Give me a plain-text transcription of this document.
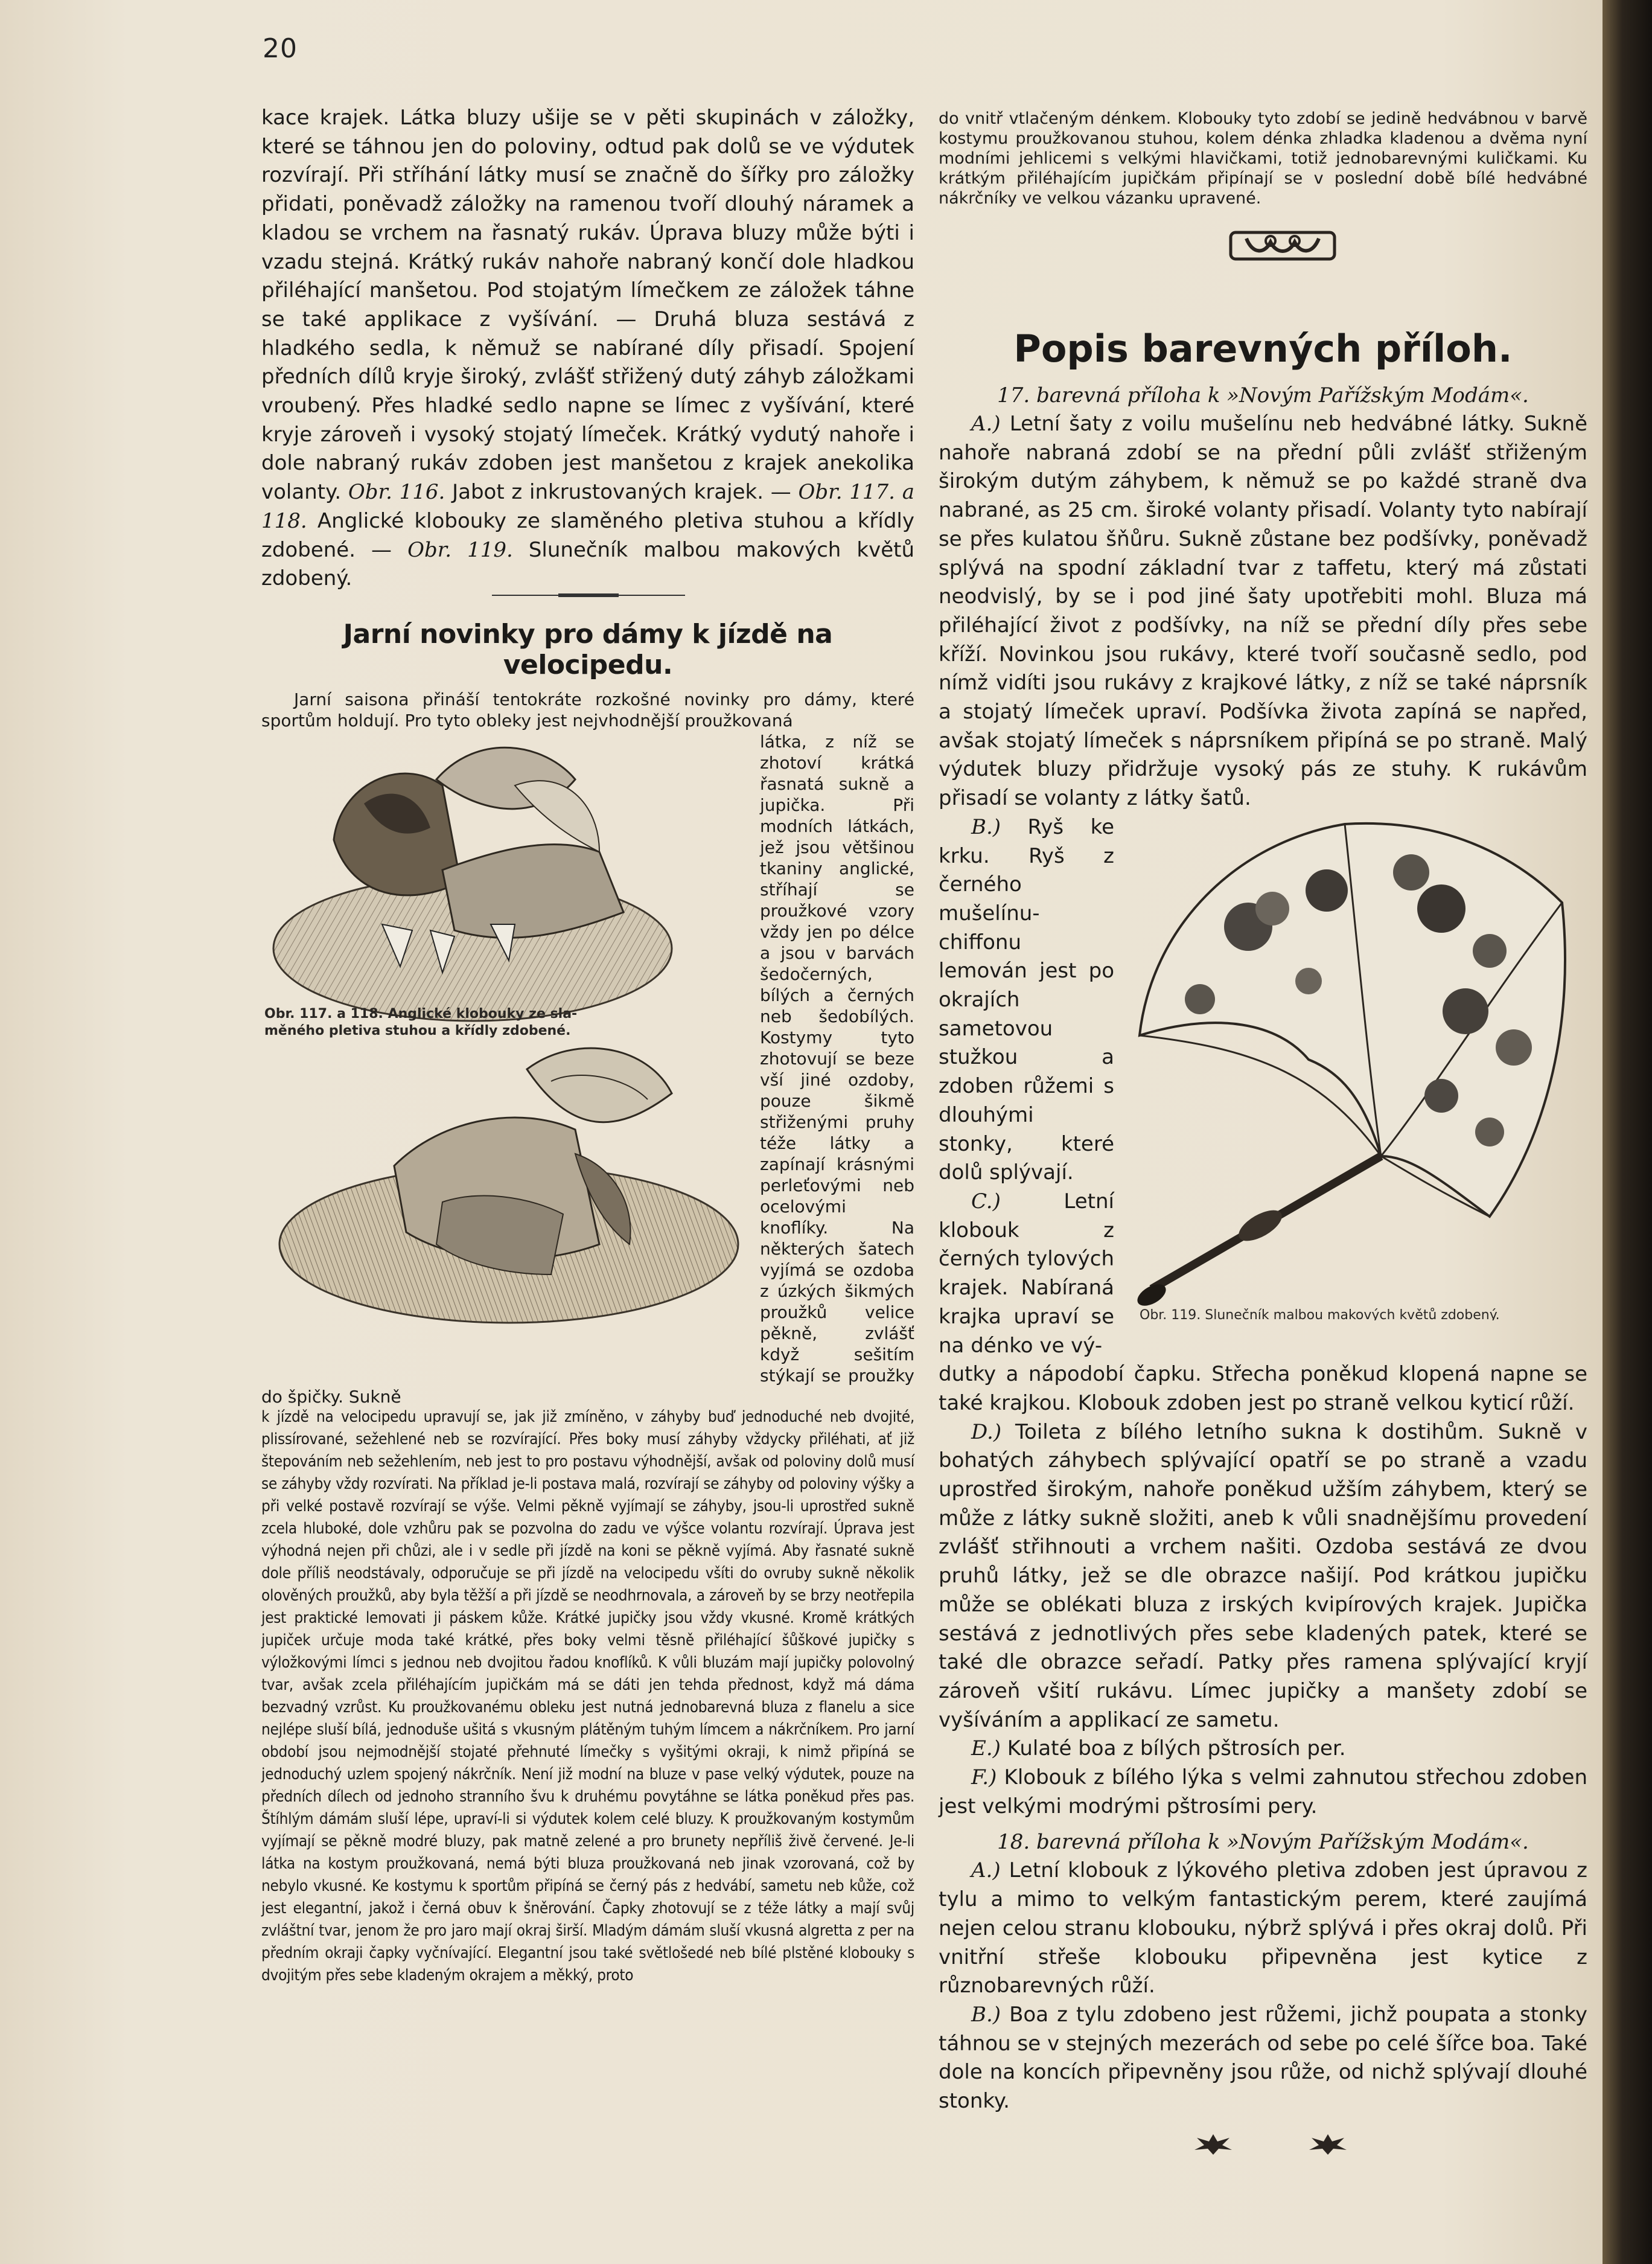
20

kace krajek. Látka bluzy ušije se v pěti skupinách v záložky, které se táhnou jen do poloviny, odtud pak dolů se ve výdutek rozvírají. Při stříhání látky musí se značně do šířky pro záložky přidati, poněvadž záložky na ramenou tvoří dlouhý náramek a kladou se vrchem na řasnatý rukáv. Úprava bluzy může býti i vzadu stejná. Krátký rukáv nahoře nabraný končí dole hladkou přiléhající manšetou. Pod stojatým límečkem ze záložek táhne se také applikace z vyšívání. — Druhá bluza sestává z hladkého sedla, k němuž se nabírané díly přisadí. Spojení předních dílů kryje široký, zvlášť střižený dutý záhyb záložkami vroubený. Přes hladké sedlo napne se límec z vyšívání, které kryje zároveň i vysoký stojatý límeček. Krátký vydutý nahoře i dole nabraný rukáv zdoben jest manšetou z krajek anekolika volanty. Obr. 116. Jabot z inkrustovaných krajek. — Obr. 117. a 118. Anglické klobouky ze slaměného pletiva stuhou a křídly zdobené. — Obr. 119. Slunečník malbou makových květů zdobený.

Jarní novinky pro dámy k jízdě na velocipedu.

Jarní saisona přináší tentokráte rozkošné novinky pro dámy, které sportům holdují. Pro tyto obleky jest nejvhodnější proužkovaná

Obr. 117. a 118. Anglické klobouky ze sla-
měného pletiva stuhou a křídly zdobené.

látka, z níž se zhotoví krátká řasnatá sukně a jupička. Při modních látkách, jež jsou většinou tkaniny anglické, stříhají se proužkové vzory vždy jen po délce a jsou v barvách šedočerných, bílých a černých neb šedobílých. Kostymy tyto zhotovují se beze vší jiné ozdoby, pouze šikmě střiženými pruhy téže látky a zapínají krásnými perleťovými neb ocelovými knoflíky. Na některých šatech vyjímá se ozdoba z úzkých šikmých proužků velice pěkně, zvlášť když sešitím stýkají se proužky do špičky. Sukně

k jízdě na velocipedu upravují se, jak již zmíněno, v záhyby buď jednoduché neb dvojité, plissírované, sežehlené neb se rozvírající. Přes boky musí záhyby vždycky přiléhati, ať již štepováním neb sežehlením, neb jest to pro postavu výhodnější, avšak od poloviny dolů musí se záhyby vždy rozvírati. Na příklad je-li postava malá, rozvírají se záhyby od poloviny výšky a při velké postavě rozvírají se výše. Velmi pěkně vyjímají se záhyby, jsou-li uprostřed sukně zcela hluboké, dole vzhůru pak se pozvolna do zadu ve výšce volantu rozvírají. Úprava jest výhodná nejen při chůzi, ale i v sedle při jízdě na koni se pěkně vyjímá. Aby řasnaté sukně dole příliš neodstávaly, odporučuje se při jízdě na velocipedu všíti do ovruby sukně několik olověných proužků, aby byla těžší a při jízdě se neodhrnovala, a zároveň by se brzy neotřepila jest praktické lemovati ji páskem kůže. Krátké jupičky jsou vždy vkusné. Kromě krátkých jupiček určuje moda také krátké, přes boky velmi těsně přiléhající šůškové jupičky s výložkovými límci s jednou neb dvojitou řadou knoflíků. K vůli bluzám mají jupičky polovolný tvar, avšak zcela přiléhajícím jupičkám má se dáti jen tehda přednost, když má dáma bezvadný vzrůst. Ku proužkovanému obleku jest nutná jednobarevná bluza z flanelu a sice nejlépe sluší bílá, jednoduše ušitá s vkusným plátěným tuhým límcem a nákrčníkem. Pro jarní období jsou nejmodnější stojaté přehnuté límečky s vyšitými okraji, k nimž připíná se jednoduchý uzlem spojený nákrčník. Není již modní na bluze v pase velký výdutek, pouze na předních dílech od jednoho stranního švu k druhému povytáhne se látka poněkud přes pas. Štíhlým dámám sluší lépe, upraví-li si výdutek kolem celé bluzy. K proužkovaným kostymům vyjímají se pěkně modré bluzy, pak matně zelené a pro brunety nepříliš živě červené. Je-li látka na kostym proužkovaná, nemá býti bluza proužkovaná neb jinak vzorovaná, což by nebylo vkusné. Ke kostymu k sportům připíná se černý pás z hedvábí, sametu neb kůže, což jest elegantní, jakož i černá obuv k šněrování. Čapky zhotovují se z téže látky a mají svůj zvláštní tvar, jenom že pro jaro mají okraj širší. Mladým dámám sluší vkusná algretta z per na předním okraji čapky vyčnívající. Elegantní jsou také světlošedé neb bílé plstěné klobouky s dvojitým přes sebe kladeným okrajem a měkký, proto

do vnitř vtlačeným dénkem. Klobouky tyto zdobí se jedině hedvábnou v barvě kostymu proužkovanou stuhou, kolem dénka zhladka kladenou a dvěma nyní modními jehlicemi s velkými hlavičkami, totiž jednobarevnými kuličkami. Ku krátkým přiléhajícím jupičkám připínají se v poslední době bílé hedvábné nákrčníky ve velkou vázanku upravené.

Popis barevných příloh.

17. barevná příloha k »Novým Pařížským Modám«.

A.) Letní šaty z voilu mušelínu neb hedvábné látky. Sukně nahoře nabraná zdobí se na přední půli zvlášť střiženým širokým dutým záhybem, k němuž se po každé straně dva nabrané, as 25 cm. široké volanty přisadí. Volanty tyto nabírají se přes kulatou šňůru. Sukně zůstane bez podšívky, poněvadž splývá na spodní základní tvar z taffetu, který má zůstati neodvislý, by se i pod jiné šaty upotřebiti mohl. Bluza má přiléhající život z podšívky, na níž se přední díly přes sebe kříží. Novinkou jsou rukávy, které tvoří současně sedlo, pod nímž vidíti jsou rukávy z krajkové látky, z níž se také náprsník a stojatý límeček upraví. Podšívka života zapíná se napřed, avšak stojatý límeček s náprsníkem připíná se po straně. Malý výdutek bluzy přidržuje vysoký pás ze stuhy. K rukávům přisadí se volanty z látky šatů.

Obr. 119. Slunečník malbou makových květů zdobený.

B.) Ryš ke krku. Ryš z černého mušelínu-chiffonu lemován jest po okrajích sametovou stužkou a zdoben růžemi s dlouhými stonky, které dolů splývají.

C.)	Letní klobouk z černých tylových krajek. Nabíraná krajka upraví se na dénko ve vý-

dutky a nápodobí čapku. Střecha poněkud klopená napne se také krajkou. Klobouk zdoben jest po straně velkou kyticí růží.

D.) Toileta z bílého letního sukna k dostihům. Sukně v bohatých záhybech splývající opatří se po straně a vzadu uprostřed širokým, nahoře poněkud užším záhybem, který se může z látky sukně složiti, aneb k vůli snadnějšímu provedení zvlášť střihnouti a vrchem našiti. Ozdoba sestává ze dvou pruhů látky, jež se dle obrazce našijí. Pod krátkou jupičku může se oblékati bluza z irských kvipírových krajek. Jupička sestává z jednotlivých přes sebe kladených patek, které se také dle obrazce seřadí. Patky přes ramena splývající kryjí zároveň všití rukávu. Límec jupičky a manšety zdobí se vyšíváním a applikací ze sametu.

E.) Kulaté boa z bílých pštrosích per.

F.) Klobouk z bílého lýka s velmi zahnutou střechou zdoben jest velkými modrými pštrosími pery.

18. barevná příloha k »Novým Pařížským Modám«.

A.) Letní klobouk z lýkového pletiva zdoben jest úpravou z tylu a mimo to velkým fantastickým perem, které zaujímá nejen celou stranu klobouku, nýbrž splývá i přes okraj dolů. Při vnitřní střeše klobouku připevněna jest kytice z různobarevných růží.

B.) Boa z tylu zdobeno jest růžemi, jichž poupata a stonky táhnou se v stejných mezerách od sebe po celé šířce boa. Také dole na koncích připevněny jsou růže, od nichž splývají dlouhé stonky.
